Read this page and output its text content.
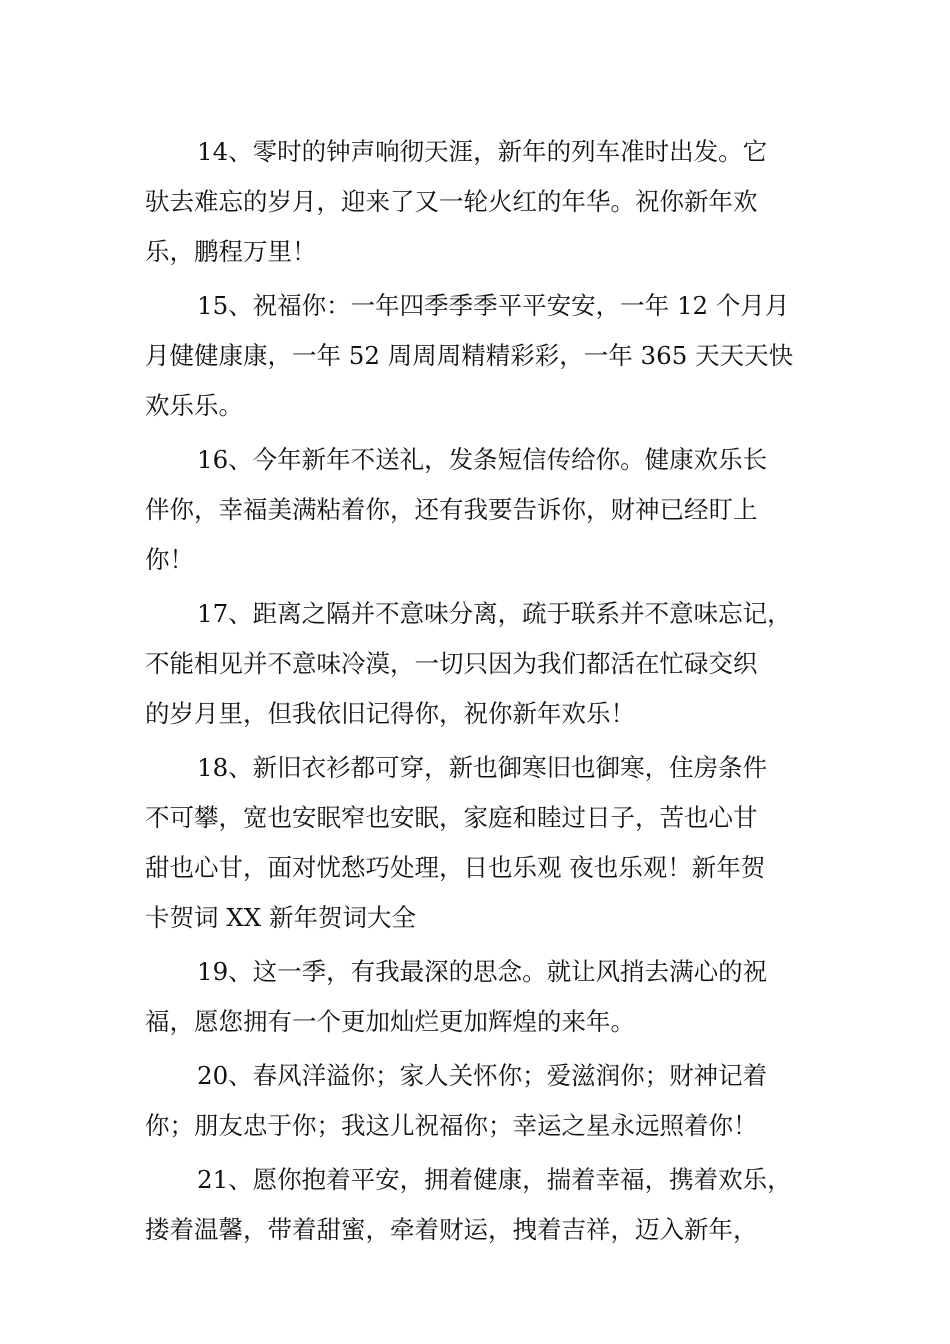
14、零时的钟声响彻天涯，新年的列车准时出发。它
驮去难忘的岁月，迎来了又一轮火红的年华。祝你新年欢
乐，鹏程万里！
15、祝福你：一年四季季季平平安安，一年 12 个月月
月健健康康，一年 52 周周周精精彩彩，一年 365 天天天快
欢乐乐。
16、今年新年不送礼，发条短信传给你。健康欢乐长
伴你，幸福美满粘着你，还有我要告诉你，财神已经盯上
你！
17、距离之隔并不意味分离，疏于联系并不意味忘记，
不能相见并不意味冷漠，一切只因为我们都活在忙碌交织
的岁月里，但我依旧记得你，祝你新年欢乐！
18、新旧衣衫都可穿，新也御寒旧也御寒，住房条件
不可攀，宽也安眠窄也安眠，家庭和睦过日子，苦也心甘
甜也心甘，面对忧愁巧处理，日也乐观 夜也乐观！新年贺
卡贺词 XX 新年贺词大全
19、这一季，有我最深的思念。就让风捎去满心的祝
福，愿您拥有一个更加灿烂更加辉煌的来年。
20、春风洋溢你；家人关怀你；爱滋润你；财神记着
你；朋友忠于你；我这儿祝福你；幸运之星永远照着你！
21、愿你抱着平安，拥着健康，揣着幸福，携着欢乐，
搂着温馨，带着甜蜜，牵着财运，拽着吉祥，迈入新年，
